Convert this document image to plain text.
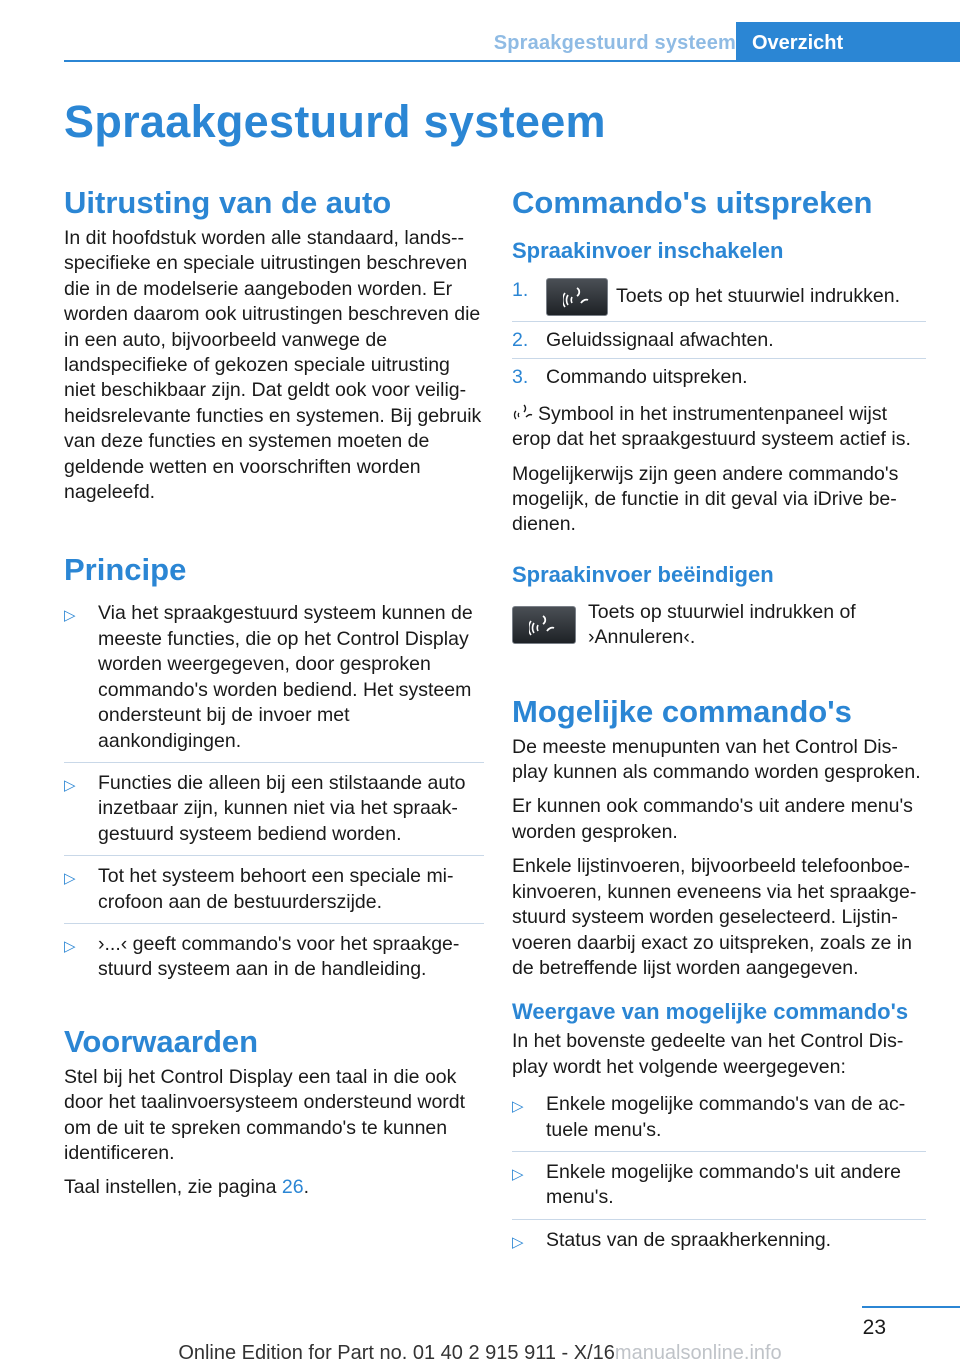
Spraakgestuurd systeem Overzicht
Spraakgestuurd systeem
Uitrusting van de auto

In dit hoofdstuk worden alle standaard, lands-specifieke en speciale uitrustingen beschreven die in de modelserie aangeboden worden. Er worden daarom ook uitrustingen beschreven die in een auto, bijvoorbeeld vanwege de landspecifieke of gekozen speciale uitrusting niet beschikbaar zijn. Dat geldt ook voor veiligheidsrelevante functies en systemen. Bij gebruik van deze functies en systemen moeten de geldende wetten en voorschriften worden nageleefd.

Principe
▷ Via het spraakgestuurd systeem kunnen de meeste functies, die op het Control Display worden weergegeven, door gesproken commando's worden bediend. Het systeem ondersteunt bij de invoer met aankondigingen.
▷ Functies die alleen bij een stilstaande auto inzetbaar zijn, kunnen niet via het spraakgestuurd systeem bediend worden.
▷ Tot het systeem behoort een speciale microfoon aan de bestuurderszijde.
▷ ›...‹ geeft commando's voor het spraakgestuurd systeem aan in de handleiding.
Voorwaarden

Stel bij het Control Display een taal in die ook door het taalinvoersysteem ondersteund wordt om de uit te spreken commando's te kunnen identificeren.

Taal instellen, zie pagina 26.

Commando's uitspreken
Spraakinvoer inschakelen
1.	Toets op het stuurwiel indrukken.
2. Geluidssignaal afwachten.
3. Commando uitspreken.

Symbool in het instrumentenpaneel wijst erop dat het spraakgestuurd systeem actief is.

Mogelijkerwijs zijn geen andere commando's mogelijk, de functie in dit geval via iDrive bedienen.

Spraakinvoer beëindigen

Toets op stuurwiel indrukken of ›Annuleren‹.

Mogelijke commando's

De meeste menupunten van het Control Display kunnen als commando worden gesproken.

Er kunnen ook commando's uit andere menu's worden gesproken.

Enkele lijstinvoeren, bijvoorbeeld telefoonboekinvoeren, kunnen eveneens via het spraakgestuurd systeem worden geselecteerd. Lijstinvoeren daarbij exact zo uitspreken, zoals ze in de betreffende lijst worden aangegeven.

Weergave van mogelijke commando's

In het bovenste gedeelte van het Control Display wordt het volgende weergegeven:

▷ Enkele mogelijke commando's van de actuele menu's.
▷ Enkele mogelijke commando's uit andere menu's.
▷ Status van de spraakherkenning.
23
Online Edition for Part no. 01 40 2 915 911 - X/16manualsonline.info
